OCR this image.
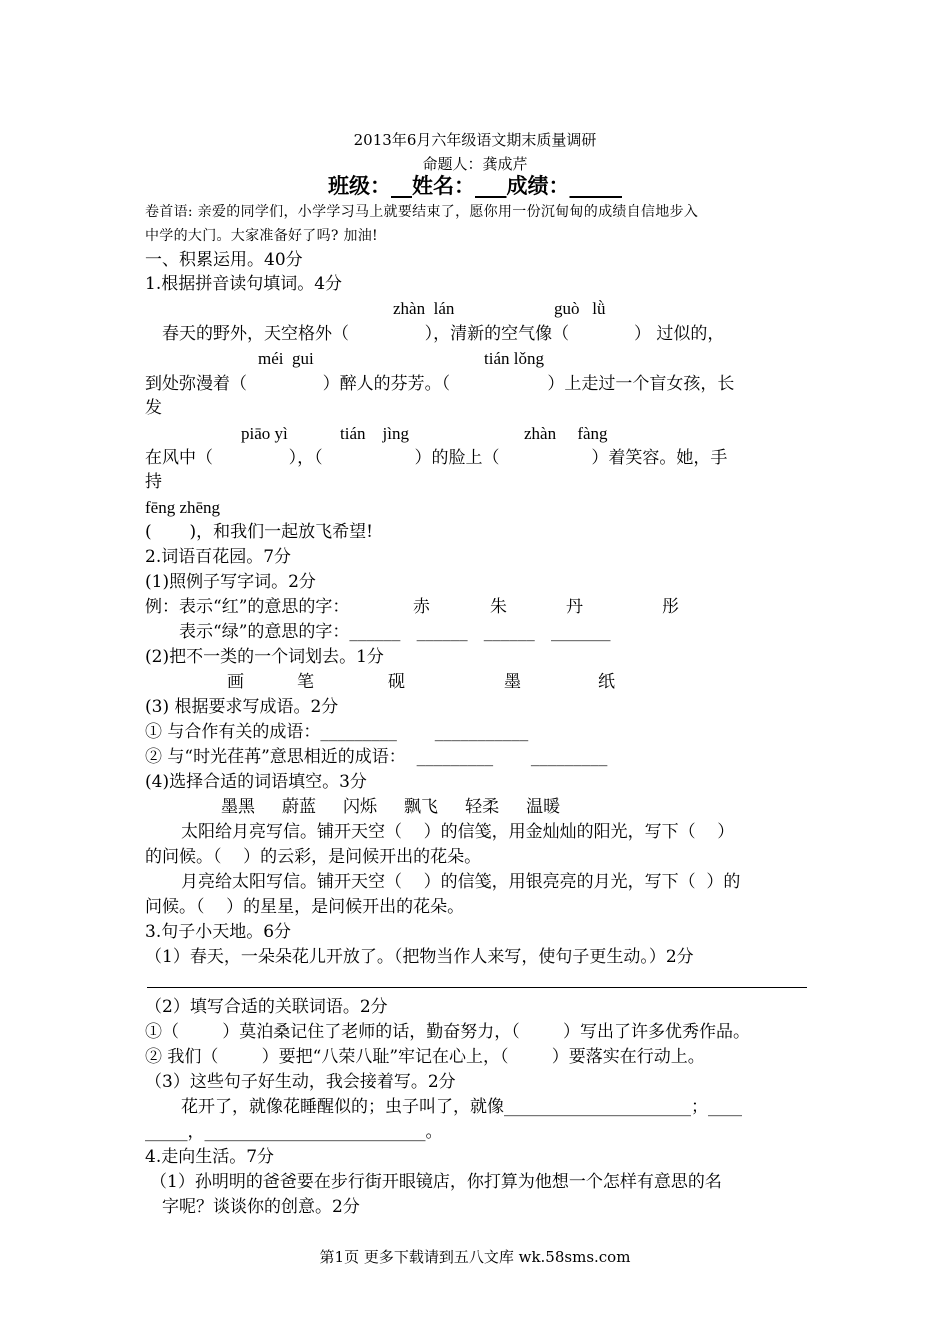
2013年6月六年级语文期末质量调研
命题人：龚成芹
班级：__姓名：___成绩：_____
卷首语: 亲爱的同学们，小学学习马上就要结束了，愿你用一份沉甸甸的成绩自信地步入
中学的大门。大家准备好了吗? 加油!
一、积累运用。40分
1.根据拼音读句填词。4分
zhàn  lán	guò   lǜ
春天的野外，天空格外（              ），清新的空气像（            ） 过似的，
méi  gui	tián lǒng
到处弥漫着（              ）醉人的芬芳。（                  ）上走过一个盲女孩，长
发
piāo yì	tián    jìng	zhàn     fàng
在风中（              ），（                 ）的脸上（                 ）着笑容。她，手
持
fēng zhēng
(       )，和我们一起放飞希望!
2.词语百花园。7分
(1)照例子写字词。2分
例：表示“红”的意思的字：	赤	朱	丹	彤
表示“绿”的意思的字：______   ______   ______   _______
(2)把不一类的一个词划去。1分
画	笔	砚	墨	纸
(3) 根据要求写成语。2分
① 与合作有关的成语：_________       ___________
② 与“时光荏苒”意思相近的成语：  _________       _________
(4)选择合适的词语填空。3分
墨黑     蔚蓝     闪烁     飘飞     轻柔     温暖
太阳给月亮写信。铺开天空（    ）的信笺，用金灿灿的阳光，写下（    ）
的问候。（    ）的云彩，是问候开出的花朵。
月亮给太阳写信。铺开天空（    ）的信笺，用银亮亮的月光，写下（  ）的
问候。（    ）的星星，是问候开出的花朵。
3.句子小天地。6分
（1）春天，一朵朵花儿开放了。（把物当作人来写，使句子更生动。）2分
（2）填写合适的关联词语。2分
①（        ）莫泊桑记住了老师的话，勤奋努力，（        ）写出了许多优秀作品。
② 我们（        ）要把“八荣八耻”牢记在心上，（        ）要落实在行动上。
（3）这些句子好生动，我会接着写。2分
花开了，就像花睡醒似的；虫子叫了，就像______________________；____
_____，__________________________。
4.走向生活。7分
（1）孙明明的爸爸要在步行街开眼镜店，你打算为他想一个怎样有意思的名
字呢？谈谈你的创意。2分
第1页 更多下载请到五八文库 wk.58sms.com
